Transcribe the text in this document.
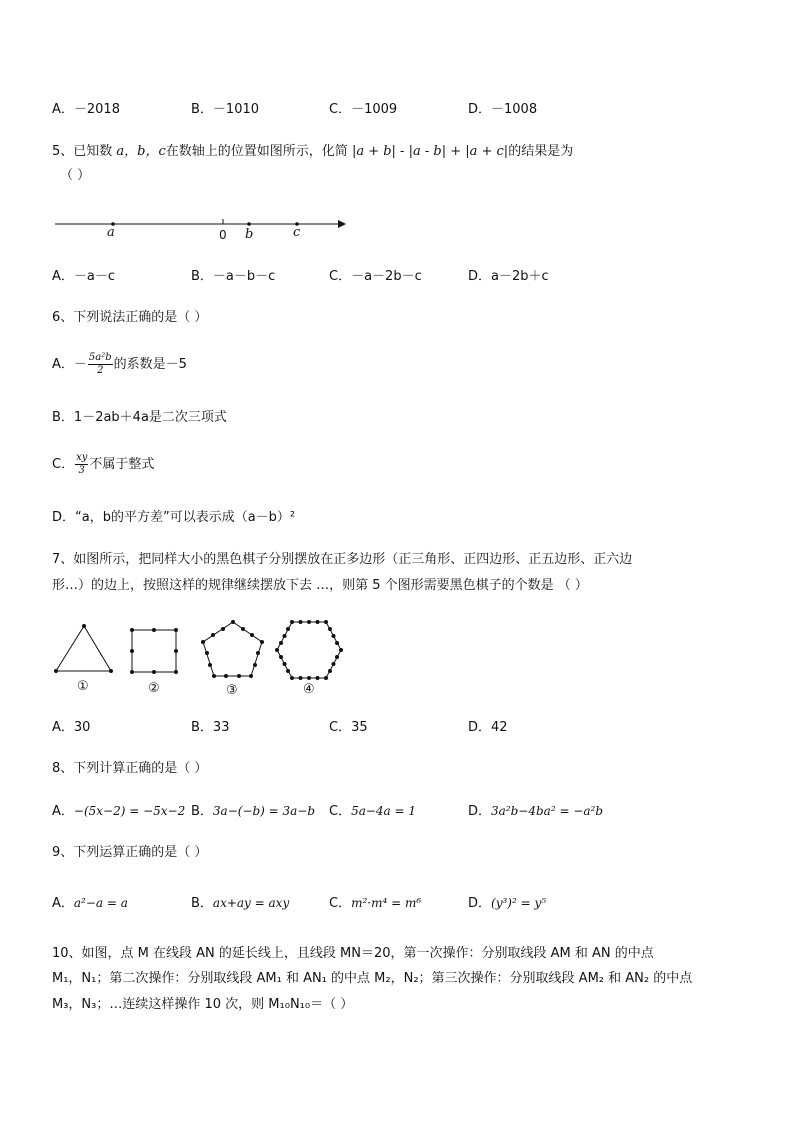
A．－2018	B．－1010	C．－1009	D．－1008
5、已知数 a，b，c在数轴上的位置如图所示，化简 |a + b| - |a - b| + |a + c|的结果是为
（ ）
a	0 b	c
A．－a－c	B．－a－b－c	C．－a－2b－c	D．a－2b＋c
6、下列说法正确的是（ ）
A．－ $\frac{\text{5a²b}}{2}$ 的系数是－5
B．1－2ab＋4a是二次三项式
C． $\frac{xy}{3}$ 不属于整式
D．“a，b的平方差”可以表示成（a－b）²
7、如图所示，把同样大小的黑色棋子分别摆放在正多边形（正三角形、正四边形、正五边形、正六边
形…）的边上，按照这样的规律继续摆放下去 …，则第 5 个图形需要黑色棋子的个数是 （ ）
①	②	③	④
A．30	B．33	C．35	D．42
8、下列计算正确的是（ ）
A．−(5x−2) = −5x−2 B．3a−(−b) = 3a−b C．5a−4a = 1	D．3a²b−4ba² = −a²b
9、下列运算正确的是（ ）
A．a²−a = a	B．ax+ay = axy	C．m²·m⁴ = m⁶	D．(y³)² = y⁵
10、如图，点 M 在线段 AN 的延长线上，且线段 MN＝20，第一次操作：分别取线段 AM 和 AN 的中点
M₁，N₁；第二次操作：分别取线段 AM₁ 和 AN₁ 的中点 M₂，N₂；第三次操作：分别取线段 AM₂ 和 AN₂ 的中点
M₃，N₃；…连续这样操作 10 次，则 M₁₀N₁₀＝（ ）
